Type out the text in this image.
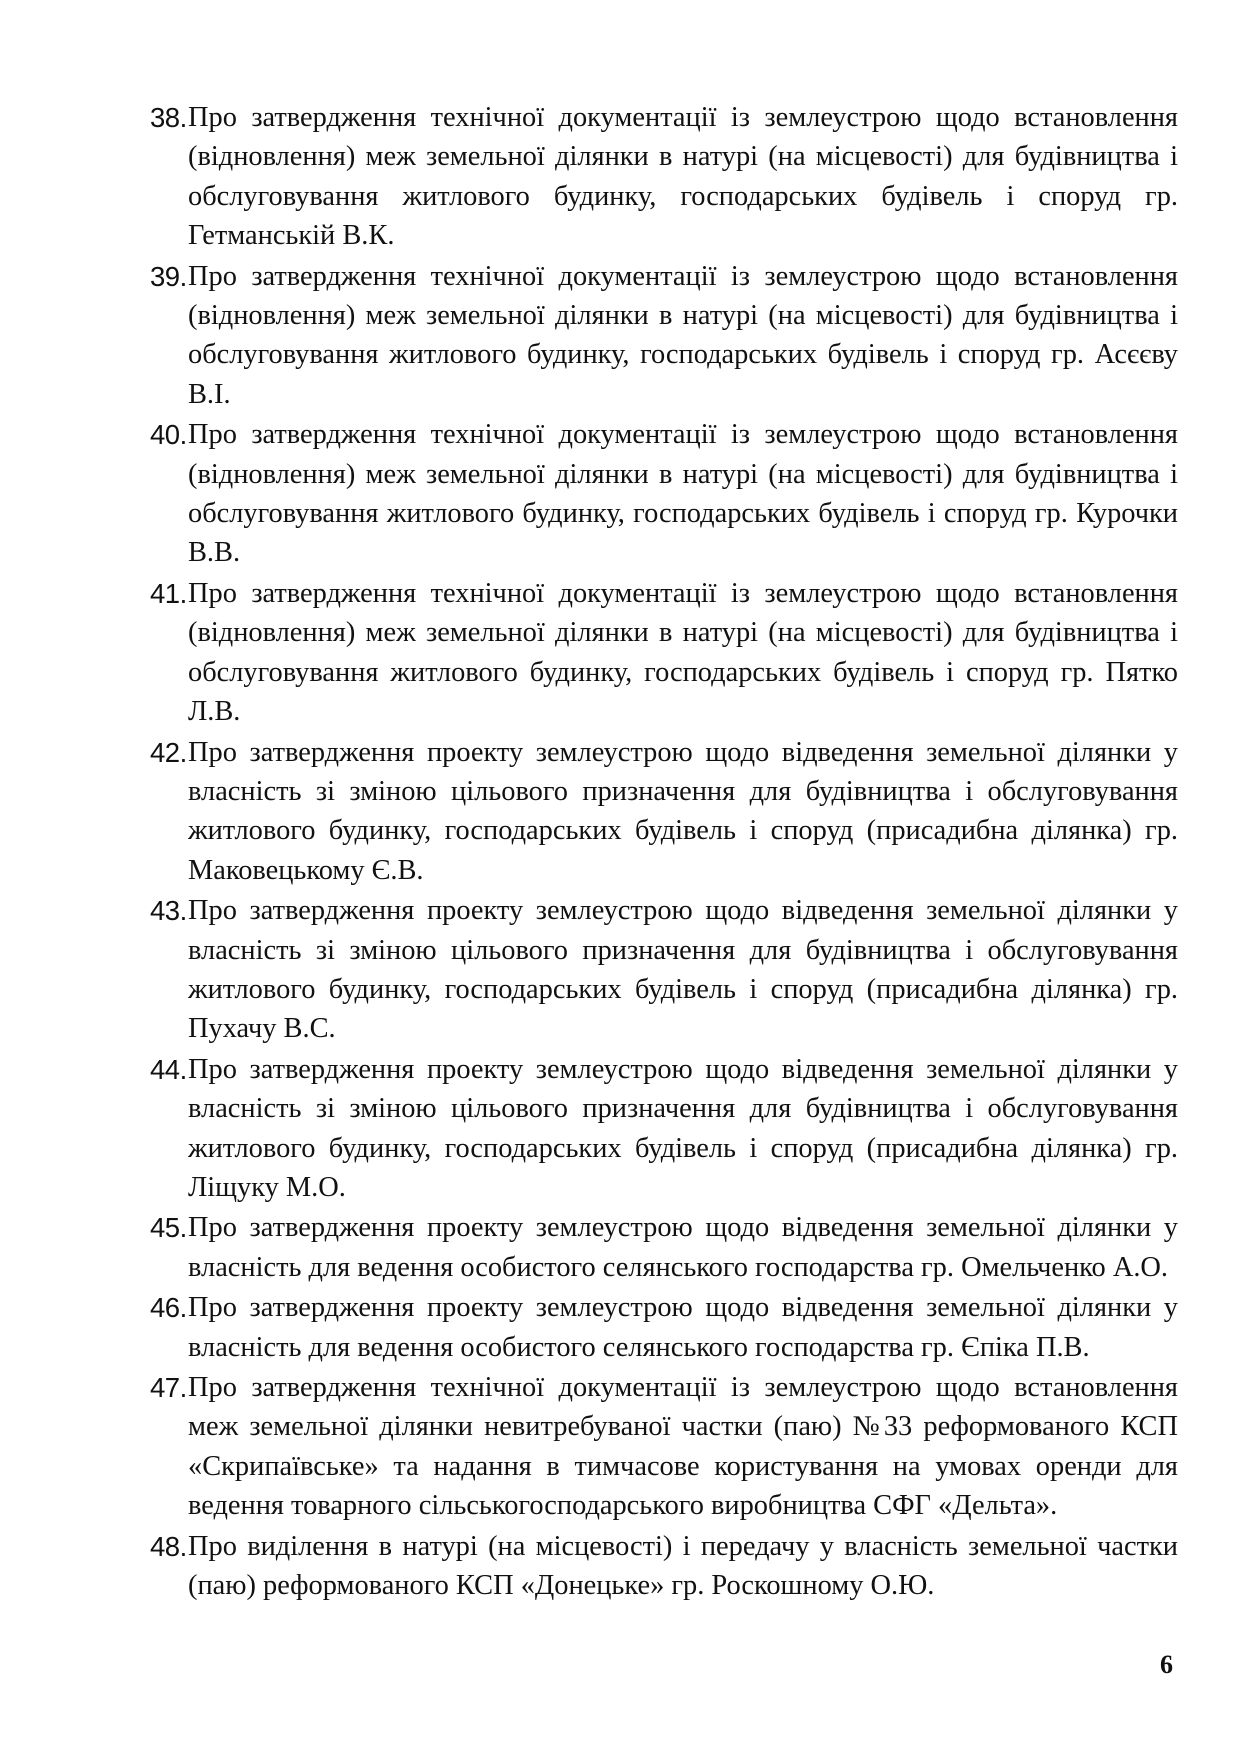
38. Про затвердження технічної документації із землеустрою щодо встановлення (відновлення) меж земельної ділянки в натурі (на місцевості) для будівництва і обслуговування житлового будинку, господарських будівель і споруд гр. Гетманській В.К.
39. Про затвердження технічної документації із землеустрою щодо встановлення (відновлення) меж земельної ділянки в натурі (на місцевості) для будівництва і обслуговування житлового будинку, господарських будівель і споруд гр. Асєєву В.І.
40. Про затвердження технічної документації із землеустрою щодо встановлення (відновлення) меж земельної ділянки в натурі (на місцевості) для будівництва і обслуговування житлового будинку, господарських будівель і споруд гр. Курочки В.В.
41. Про затвердження технічної документації із землеустрою щодо встановлення (відновлення) меж земельної ділянки в натурі (на місцевості) для будівництва і обслуговування житлового будинку, господарських будівель і споруд гр. Пятко Л.В.
42. Про затвердження проекту землеустрою щодо відведення земельної ділянки у власність зі зміною цільового призначення для будівництва і обслуговування житлового будинку, господарських будівель і споруд (присадибна ділянка) гр. Маковецькому Є.В.
43. Про затвердження проекту землеустрою щодо відведення земельної ділянки у власність зі зміною цільового призначення для будівництва і обслуговування житлового будинку, господарських будівель і споруд (присадибна ділянка) гр. Пухачу В.С.
44. Про затвердження проекту землеустрою щодо відведення земельної ділянки у власність зі зміною цільового призначення для будівництва і обслуговування житлового будинку, господарських будівель і споруд (присадибна ділянка) гр. Ліщуку М.О.
45. Про затвердження проекту землеустрою щодо відведення земельної ділянки у власність для ведення особистого селянського господарства гр. Омельченко А.О.
46. Про затвердження проекту землеустрою щодо відведення земельної ділянки у власність для ведення особистого селянського господарства гр. Єпіка П.В.
47. Про затвердження технічної документації із землеустрою щодо встановлення меж земельної ділянки невитребуваної частки (паю) №33 реформованого КСП «Скрипаївське» та надання в тимчасове користування на умовах оренди для ведення товарного сільськогосподарського виробництва СФГ «Дельта».
48. Про виділення в натурі (на місцевості) і передачу у власність земельної частки (паю) реформованого КСП «Донецьке» гр. Роскошному О.Ю.
6
